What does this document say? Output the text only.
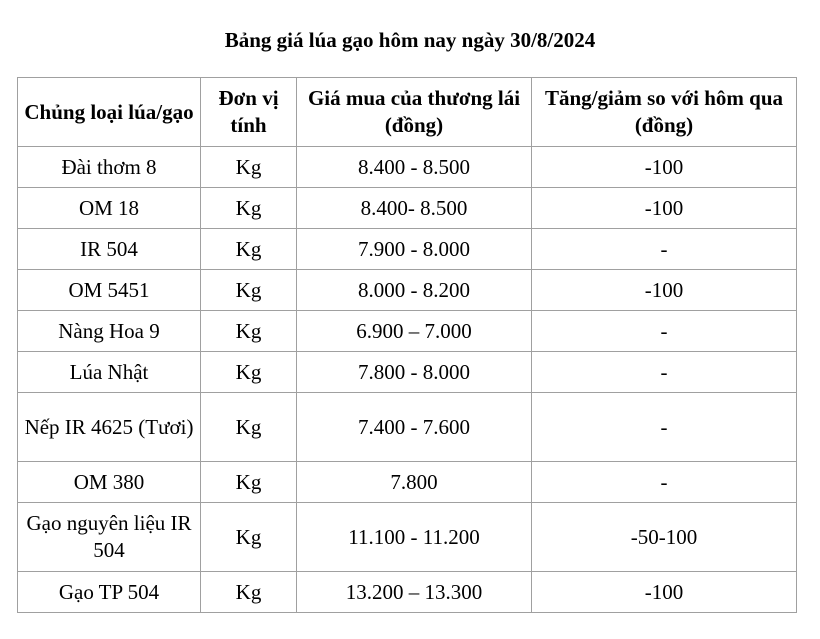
Bảng giá lúa gạo hôm nay ngày 30/8/2024
Chủng loại lúa/gạo	Đơn vị tính	Giá mua của thương lái (đồng)	Tăng/giảm so với hôm qua (đồng)
Đài thơm 8	Kg	8.400 - 8.500	-100
OM 18	Kg	8.400- 8.500	-100
IR 504	Kg	7.900 - 8.000	-
OM 5451	Kg	8.000 - 8.200	-100
Nàng Hoa 9	Kg	6.900 – 7.000	-
Lúa Nhật	Kg	7.800 - 8.000	-
Nếp IR 4625 (Tươi)	Kg	7.400 - 7.600	-
OM 380	Kg	7.800	-
Gạo nguyên liệu IR 504	Kg	11.100 - 11.200	-50-100
Gạo TP 504	Kg	13.200 – 13.300	-100
